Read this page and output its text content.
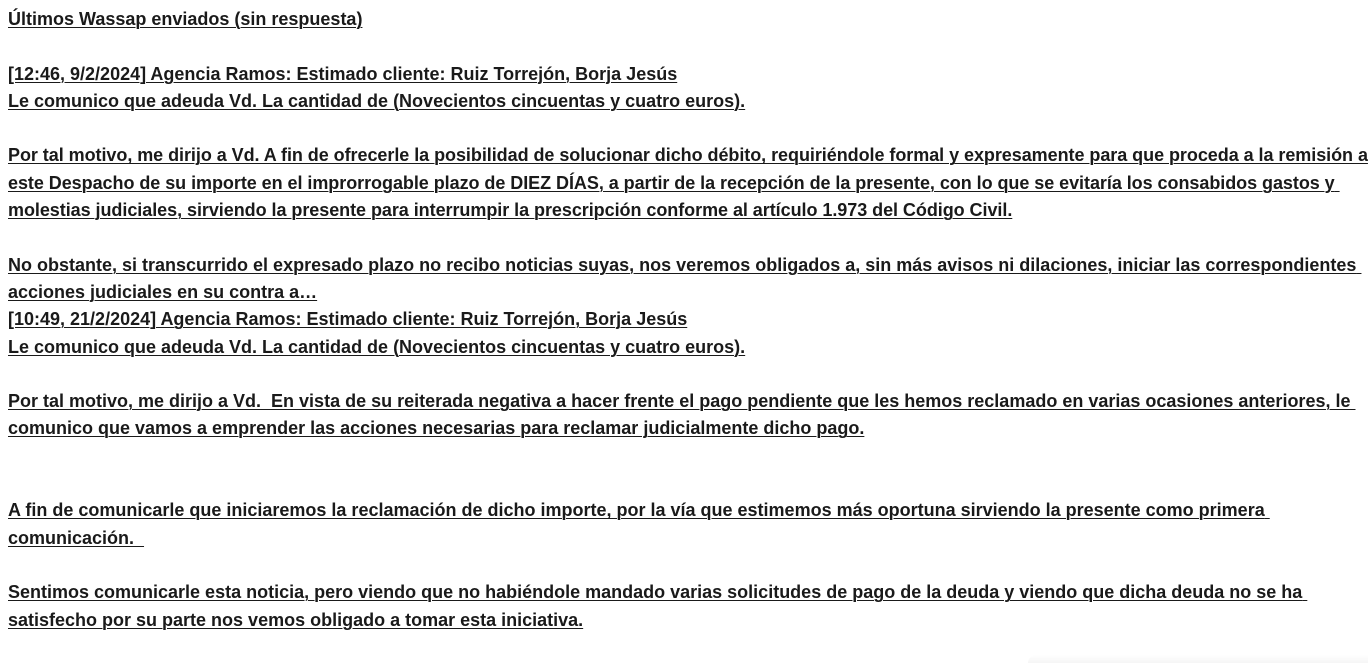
Últimos Wassap enviados (sin respuesta)

[12:46, 9/2/2024] Agencia Ramos: Estimado cliente: Ruiz Torrejón, Borja Jesús

Le comunico que adeuda Vd. La cantidad de (Novecientos cincuentas y cuatro euros).

Por tal motivo, me dirijo a Vd. A fin de ofrecerle la posibilidad de solucionar dicho débito, requiriéndole formal y expresamente para que proceda a la remisión a este Despacho de su importe en el improrrogable plazo de DIEZ DÍAS, a partir de la recepción de la presente, con lo que se evitaría los consabidos gastos y molestias judiciales, sirviendo la presente para interrumpir la prescripción conforme al artículo 1.973 del Código Civil.

No obstante, si transcurrido el expresado plazo no recibo noticias suyas, nos veremos obligados a, sin más avisos ni dilaciones, iniciar las correspondientes acciones judiciales en su contra a…

[10:49, 21/2/2024] Agencia Ramos: Estimado cliente: Ruiz Torrejón, Borja Jesús

Le comunico que adeuda Vd. La cantidad de (Novecientos cincuentas y cuatro euros).

Por tal motivo, me dirijo a Vd.  En vista de su reiterada negativa a hacer frente el pago pendiente que les hemos reclamado en varias ocasiones anteriores, le comunico que vamos a emprender las acciones necesarias para reclamar judicialmente dicho pago.

A fin de comunicarle que iniciaremos la reclamación de dicho importe, por la vía que estimemos más oportuna sirviendo la presente como primera comunicación.

Sentimos comunicarle esta noticia, pero viendo que no habiéndole mandado varias solicitudes de pago de la deuda y viendo que dicha deuda no se ha satisfecho por su parte nos vemos obligado a tomar esta iniciativa.
